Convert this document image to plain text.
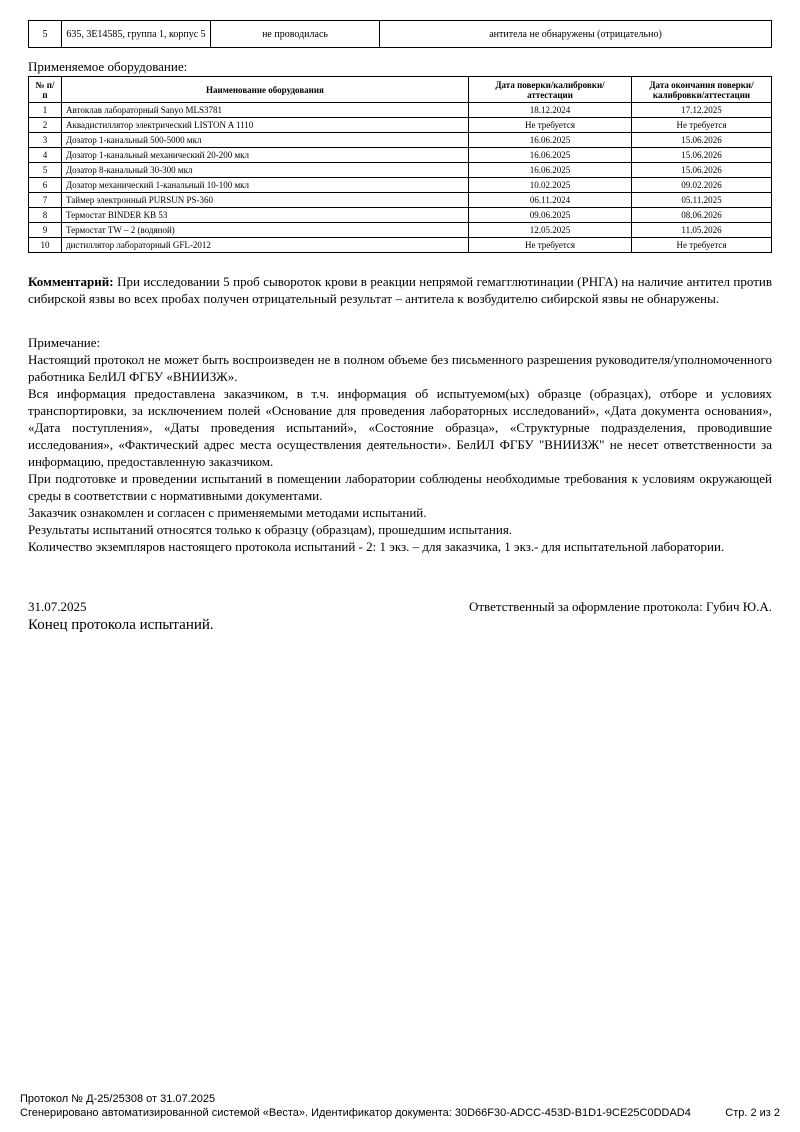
5	635, 3Е14585, группа 1, корпус 5	не проводилась	антитела не обнаружены (отрицательно)
Применяемое оборудование:
№ п/п	Наименование оборудования	Дата поверки/калибровки/аттестации	Дата окончания поверки/калибровки/аттестации
1	Автоклав лабораторный Sanyo MLS3781	18.12.2024	17.12.2025
2	Аквадистиллятор электрический LISTON A 1110	Не требуется	Не требуется
3	Дозатор 1-канальный 500-5000 мкл	16.06.2025	15.06.2026
4	Дозатор 1-канальный механический 20-200 мкл	16.06.2025	15.06.2026
5	Дозатор 8-канальный 30-300 мкл	16.06.2025	15.06.2026
6	Дозатор механический 1-канальный 10-100 мкл	10.02.2025	09.02.2026
7	Таймер электронный PURSUN PS-360	06.11.2024	05.11.2025
8	Термостат BINDER KB 53	09.06.2025	08.06.2026
9	Термостат TW – 2 (водяной)	12.05.2025	11.05.2026
10	дистиллятор лабораторный GFL-2012	Не требуется	Не требуется

Комментарий: При исследовании 5 проб сывороток крови в реакции непрямой гемагглютинации (РНГА) на наличие антител против сибирской язвы во всех пробах получен отрицательный результат – антитела к возбудителю сибирской язвы не обнаружены.

Примечание:

Настоящий протокол не может быть воспроизведен не в полном объеме без письменного разрешения руководителя/уполномоченного работника БелИЛ ФГБУ «ВНИИЗЖ».

Вся информация предоставлена заказчиком, в т.ч. информация об испытуемом(ых) образце (образцах), отборе и условиях транспортировки, за исключением полей «Основание для проведения лабораторных исследований», «Дата документа основания», «Дата поступления», «Даты проведения испытаний», «Состояние образца», «Структурные подразделения, проводившие исследования», «Фактический адрес места осуществления деятельности». БелИЛ ФГБУ "ВНИИЗЖ" не несет ответственности за информацию, предоставленную заказчиком.

При подготовке и проведении испытаний в помещении лаборатории соблюдены необходимые требования к условиям окружающей среды в соответствии с нормативными документами.

Заказчик ознакомлен и согласен с применяемыми методами испытаний.

Результаты испытаний относятся только к образцу (образцам), прошедшим испытания.

Количество экземпляров настоящего протокола испытаний - 2: 1 экз. – для заказчика, 1 экз.- для испытательной лаборатории.

31.07.2025	Ответственный за оформление протокола: Губич Ю.А.
Конец протокола испытаний.
Протокол № Д-25/25308 от 31.07.2025
Сгенерировано автоматизированной системой «Веста». Идентификатор документа: 30D66F30-ADCC-453D-B1D1-9CE25C0DDAD4	Стр. 2 из 2
